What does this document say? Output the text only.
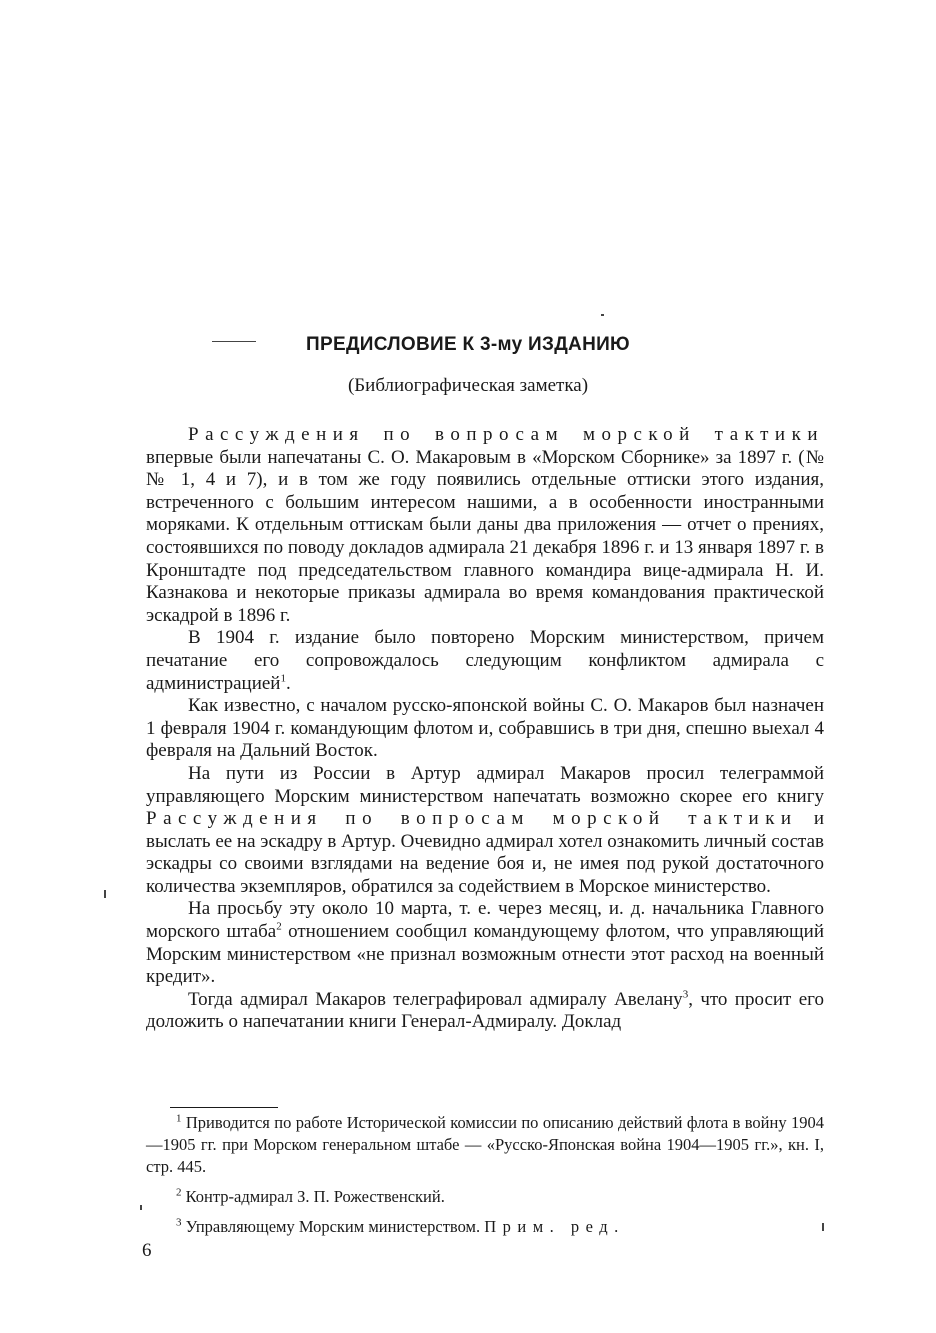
ПРЕДИСЛОВИЕ К 3-му ИЗДАНИЮ
(Библиографическая заметка)

Рассуждения по вопросам морской тактики впервые были напечатаны С. О. Макаровым в «Морском Сборнике» за 1897 г. (№№ 1, 4 и 7), и в том же году появились отдельные оттиски этого издания, встреченного с большим интересом нашими, а в особенности иностранными моряками. К отдельным оттискам были даны два приложения — отчет о прениях, состоявшихся по поводу докладов адмирала 21 декабря 1896 г. и 13 января 1897 г. в Кронштадте под председательством главного командира вице-адмирала Н. И. Казнакова и некоторые приказы адмирала во время командования практической эскадрой в 1896 г.

В 1904 г. издание было повторено Морским министерством, причем печатание его сопровождалось следующим конфликтом адмирала с администрацией$^1$.

Как известно, с началом русско-японской войны С. О. Макаров был назначен 1 февраля 1904 г. командующим флотом и, собравшись в три дня, спешно выехал 4 февраля на Дальний Восток.

На пути из России в Артур адмирал Макаров просил телеграммой управляющего Морским министерством напечатать возможно скорее его книгу Рассуждения по вопросам морской тактики и выслать ее на эскадру в Артур. Очевидно адмирал хотел ознакомить личный состав эскадры со своими взглядами на ведение боя и, не имея под рукой достаточного количества экземпляров, обратился за содействием в Морское министерство.

На просьбу эту около 10 марта, т. е. через месяц, и. д. начальника Главного морского штаба$^2$ отношением сообщил командующему флотом, что управляющий Морским министерством «не признал возможным отнести этот расход на военный кредит».

Тогда адмирал Макаров телеграфировал адмиралу Авелану$^3$, что просит его доложить о напечатании книги Генерал-Адмиралу. Доклад

$^1$ Приводится по работе Исторической комиссии по описанию действий флота в войну 1904—1905 гг. при Морском генеральном штабе — «Русско-Японская война 1904—1905 гг.», кн. I, стр. 445.

$^2$ Контр-адмирал З. П. Рожественский.

$^3$ Управляющему Морским министерством. Прим. ред.

6
